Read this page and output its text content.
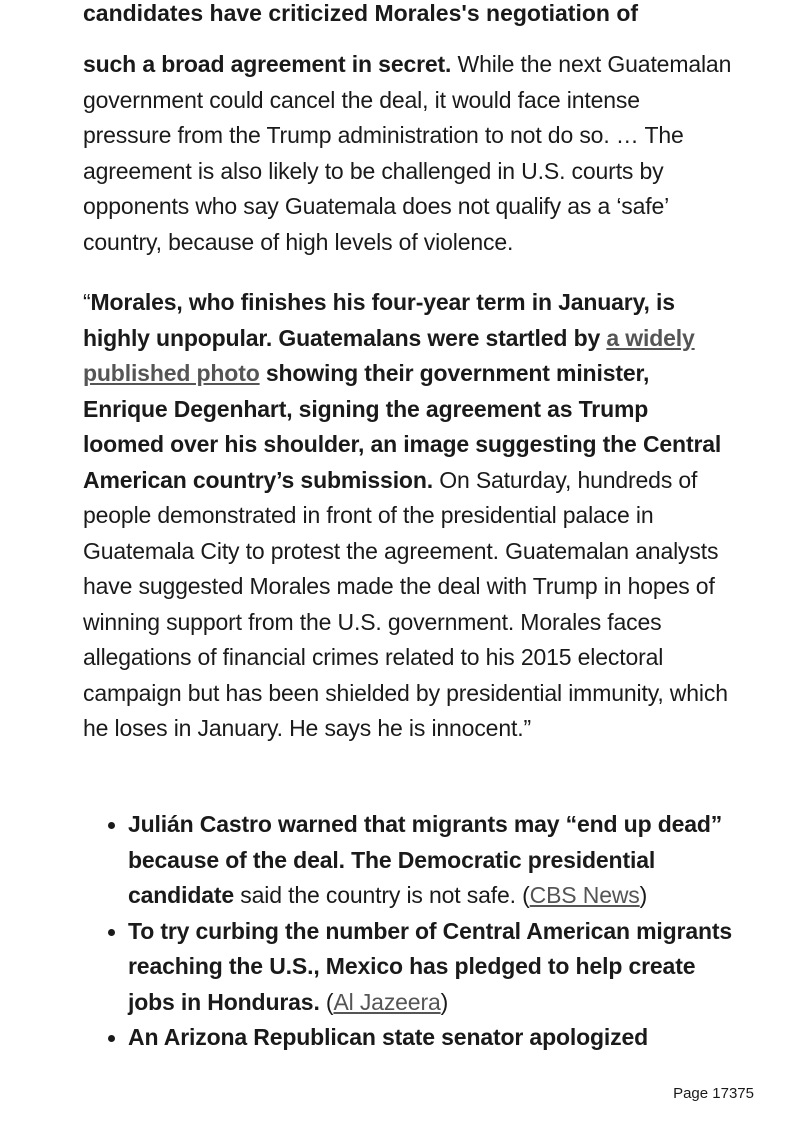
candidates have criticized Morales's negotiation of

such a broad agreement in secret. While the next Guatemalan government could cancel the deal, it would face intense pressure from the Trump administration to not do so. … The agreement is also likely to be challenged in U.S. courts by opponents who say Guatemala does not qualify as a ‘safe’ country, because of high levels of violence.

“Morales, who finishes his four-year term in January, is highly unpopular. Guatemalans were startled by a widely published photo showing their government minister, Enrique Degenhart, signing the agreement as Trump loomed over his shoulder, an image suggesting the Central American country’s submission. On Saturday, hundreds of people demonstrated in front of the presidential palace in Guatemala City to protest the agreement. Guatemalan analysts have suggested Morales made the deal with Trump in hopes of winning support from the U.S. government. Morales faces allegations of financial crimes related to his 2015 electoral campaign but has been shielded by presidential immunity, which he loses in January. He says he is innocent.”

Julián Castro warned that migrants may “end up dead” because of the deal. The Democratic presidential candidate said the country is not safe. (CBS News)
To try curbing the number of Central American migrants reaching the U.S., Mexico has pledged to help create jobs in Honduras. (Al Jazeera)
An Arizona Republican state senator apologized
Page 17375
